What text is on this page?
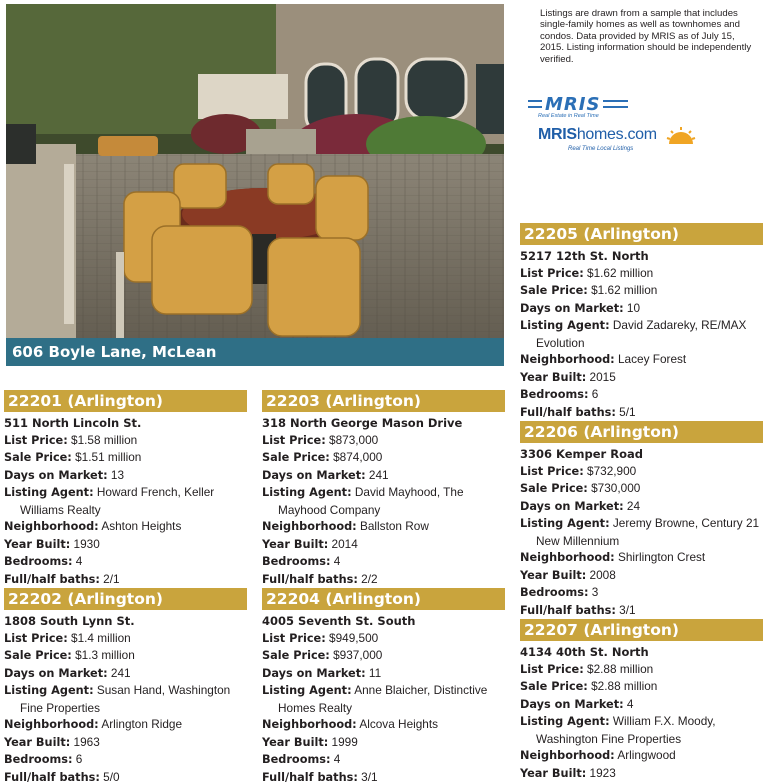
606 Boyle Lane, McLean
Listings are drawn from a sample that includes single-family homes as well as townhomes and condos. Data provided by MRIS as of July 15, 2015. Listing information should be independently verified.
MRIS
Real Estate in Real Time
MRIShomes.com
Real Time Local Listings
22201 (Arlington)
511 North Lincoln St.
List Price: $1.58 million
Sale Price: $1.51 million
Days on Market: 13
Listing Agent: Howard French, Keller Williams Realty
Neighborhood: Ashton Heights
Year Built: 1930
Bedrooms: 4
Full/half baths: 2/1
22202 (Arlington)
1808 South Lynn St.
List Price: $1.4 million
Sale Price: $1.3 million
Days on Market: 241
Listing Agent: Susan Hand, Washington Fine Properties
Neighborhood: Arlington Ridge
Year Built: 1963
Bedrooms: 6
Full/half baths: 5/0
22203 (Arlington)
318 North George Mason Drive
List Price: $873,000
Sale Price: $874,000
Days on Market: 241
Listing Agent: David Mayhood, The Mayhood Company
Neighborhood: Ballston Row
Year Built: 2014
Bedrooms: 4
Full/half baths: 2/2
22204 (Arlington)
4005 Seventh St. South
List Price: $949,500
Sale Price: $937,000
Days on Market: 11
Listing Agent: Anne Blaicher, Distinctive Homes Realty
Neighborhood: Alcova Heights
Year Built: 1999
Bedrooms: 4
Full/half baths: 3/1
22205 (Arlington)
5217 12th St. North
List Price: $1.62 million
Sale Price: $1.62 million
Days on Market: 10
Listing Agent: David Zadareky, RE/MAX Evolution
Neighborhood: Lacey Forest
Year Built: 2015
Bedrooms: 6
Full/half baths: 5/1
22206 (Arlington)
3306 Kemper Road
List Price: $732,900
Sale Price: $730,000
Days on Market: 24
Listing Agent: Jeremy Browne, Century 21 New Millennium
Neighborhood: Shirlington Crest
Year Built: 2008
Bedrooms: 3
Full/half baths: 3/1
22207 (Arlington)
4134 40th St. North
List Price: $2.88 million
Sale Price: $2.88 million
Days on Market: 4
Listing Agent: William F.X. Moody, Washington Fine Properties
Neighborhood: Arlingwood
Year Built: 1923
